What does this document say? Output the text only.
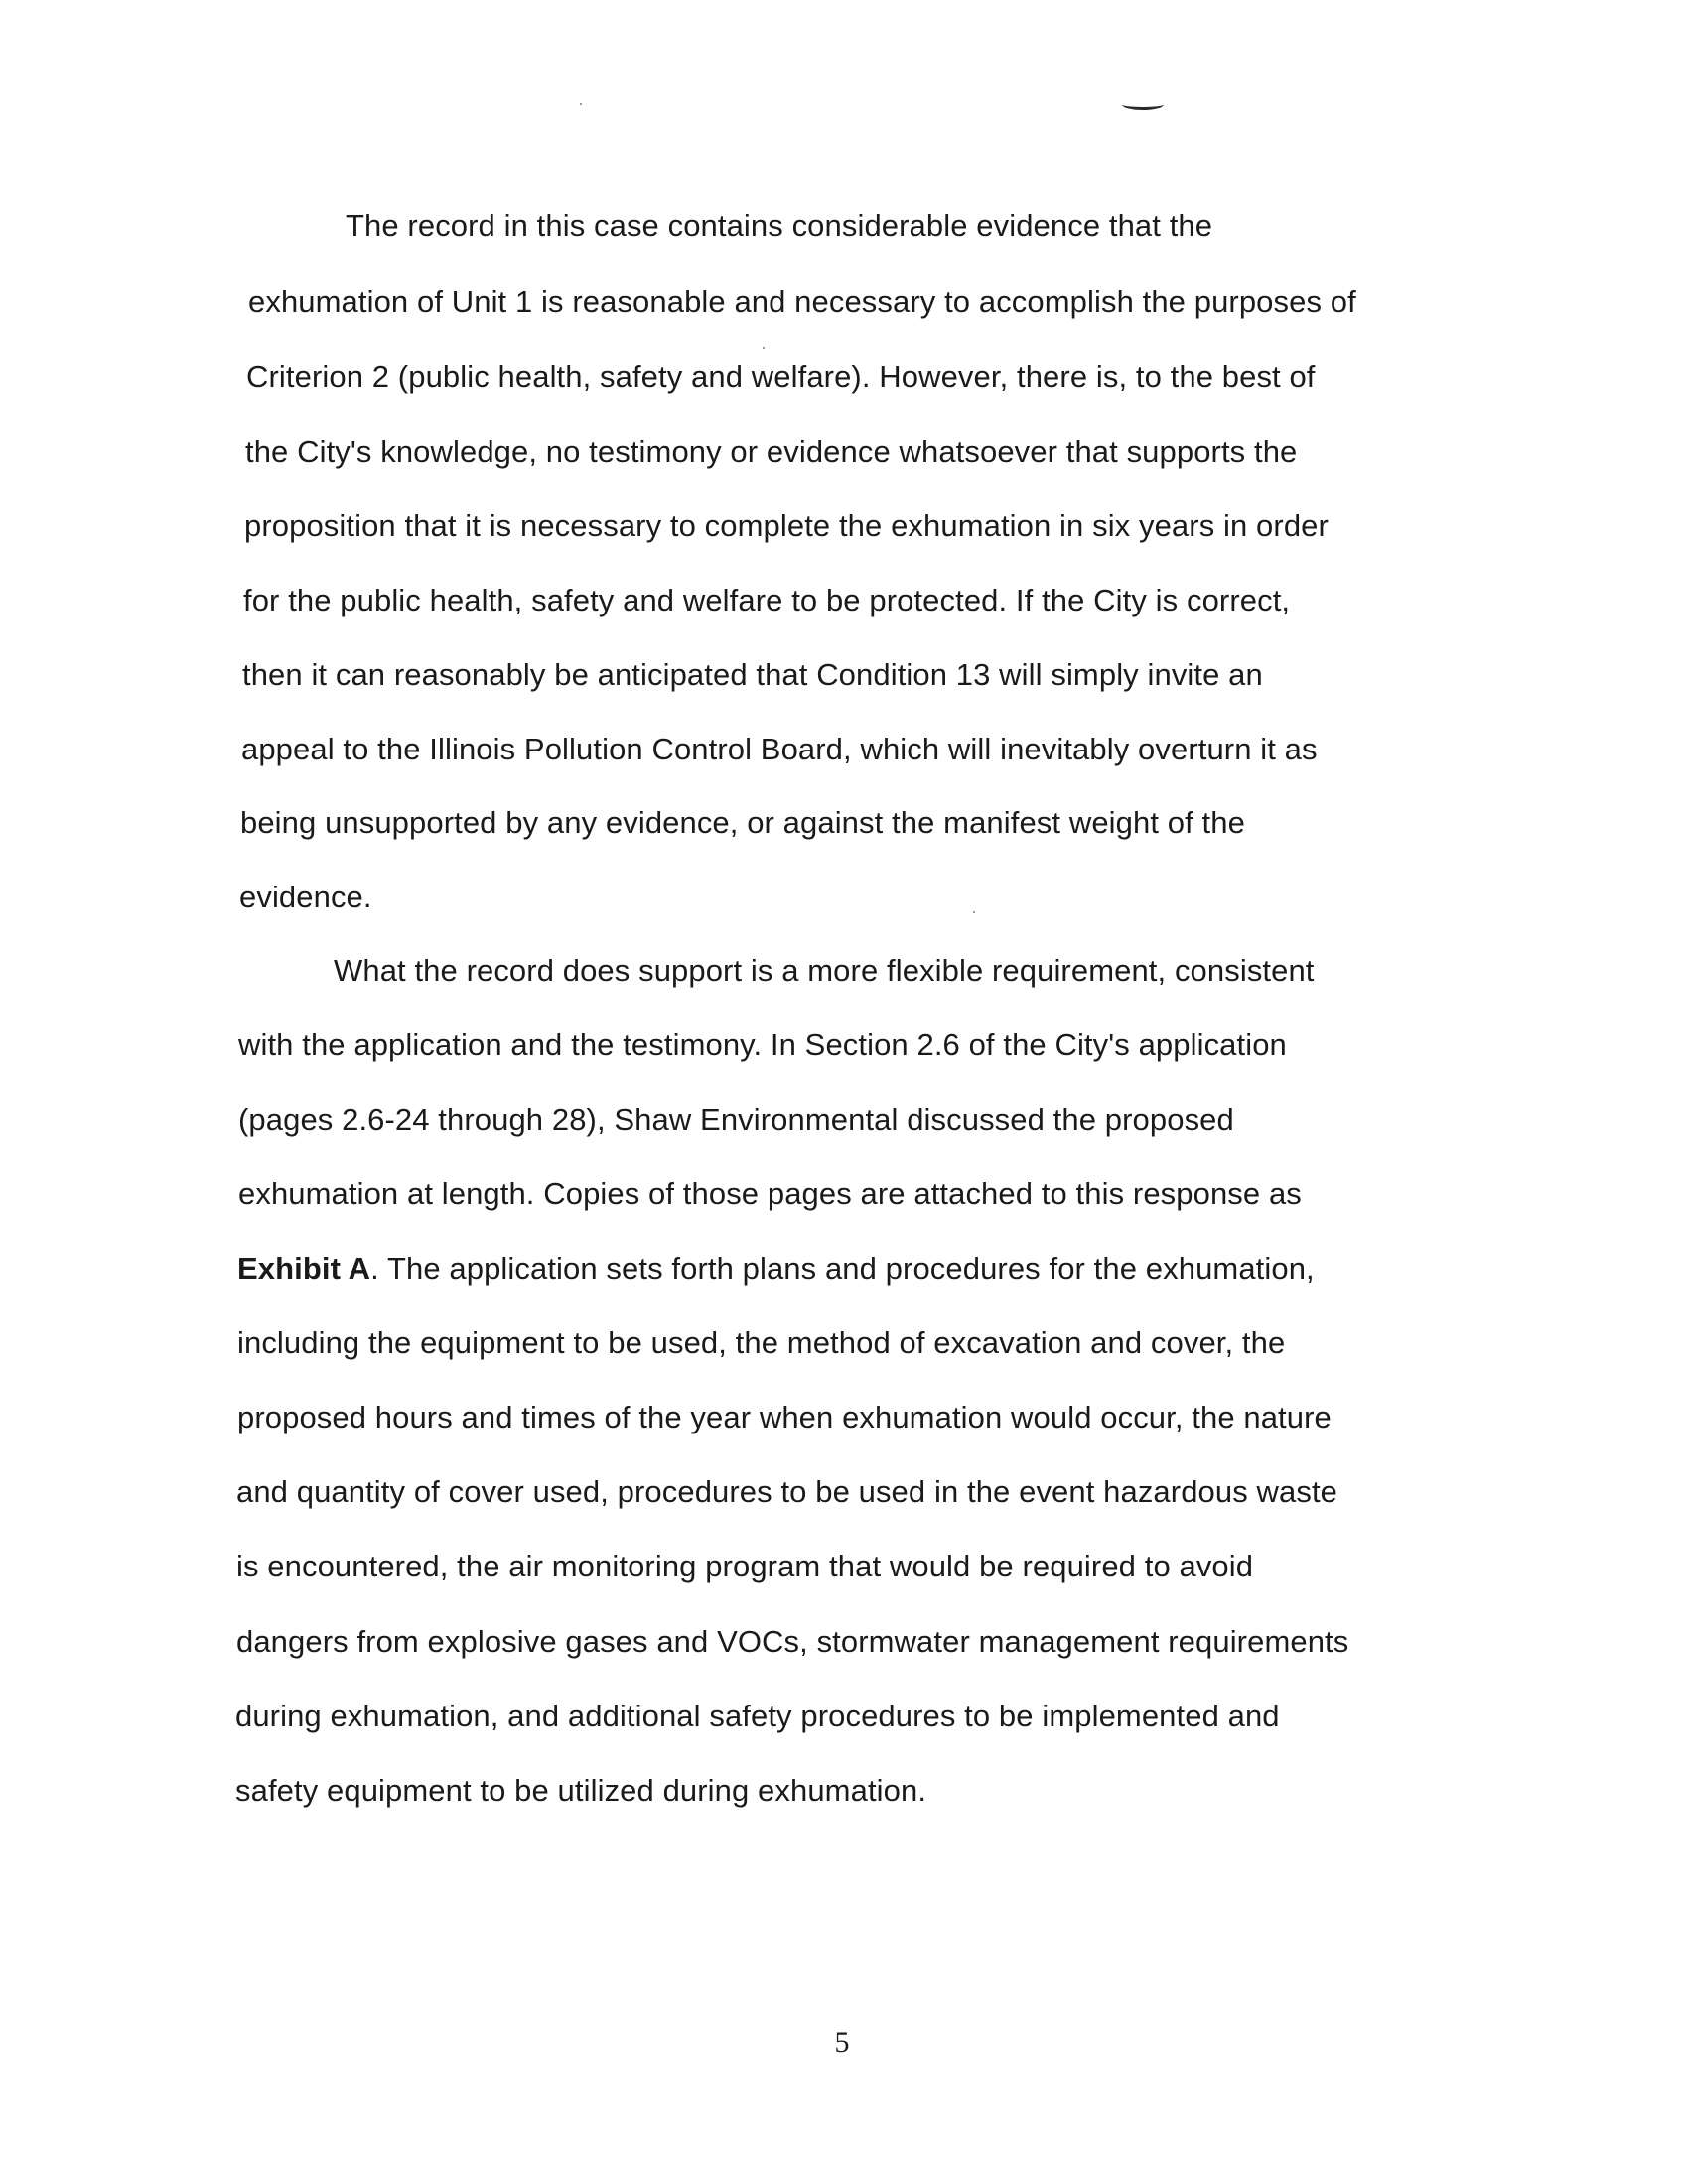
The record in this case contains considerable evidence that the
exhumation of Unit 1 is reasonable and necessary to accomplish the purposes of
Criterion 2 (public health, safety and welfare). However, there is, to the best of
the City's knowledge, no testimony or evidence whatsoever that supports the
proposition that it is necessary to complete the exhumation in six years in order
for the public health, safety and welfare to be protected. If the City is correct,
then it can reasonably be anticipated that Condition 13 will simply invite an
appeal to the Illinois Pollution Control Board, which will inevitably overturn it as
being unsupported by any evidence, or against the manifest weight of the
evidence.
What the record does support is a more flexible requirement, consistent
with the application and the testimony. In Section 2.6 of the City's application
(pages 2.6-24 through 28), Shaw Environmental discussed the proposed
exhumation at length. Copies of those pages are attached to this response as
Exhibit A. The application sets forth plans and procedures for the exhumation,
including the equipment to be used, the method of excavation and cover, the
proposed hours and times of the year when exhumation would occur, the nature
and quantity of cover used, procedures to be used in the event hazardous waste
is encountered, the air monitoring program that would be required to avoid
dangers from explosive gases and VOCs, stormwater management requirements
during exhumation, and additional safety procedures to be implemented and
safety equipment to be utilized during exhumation.
5
